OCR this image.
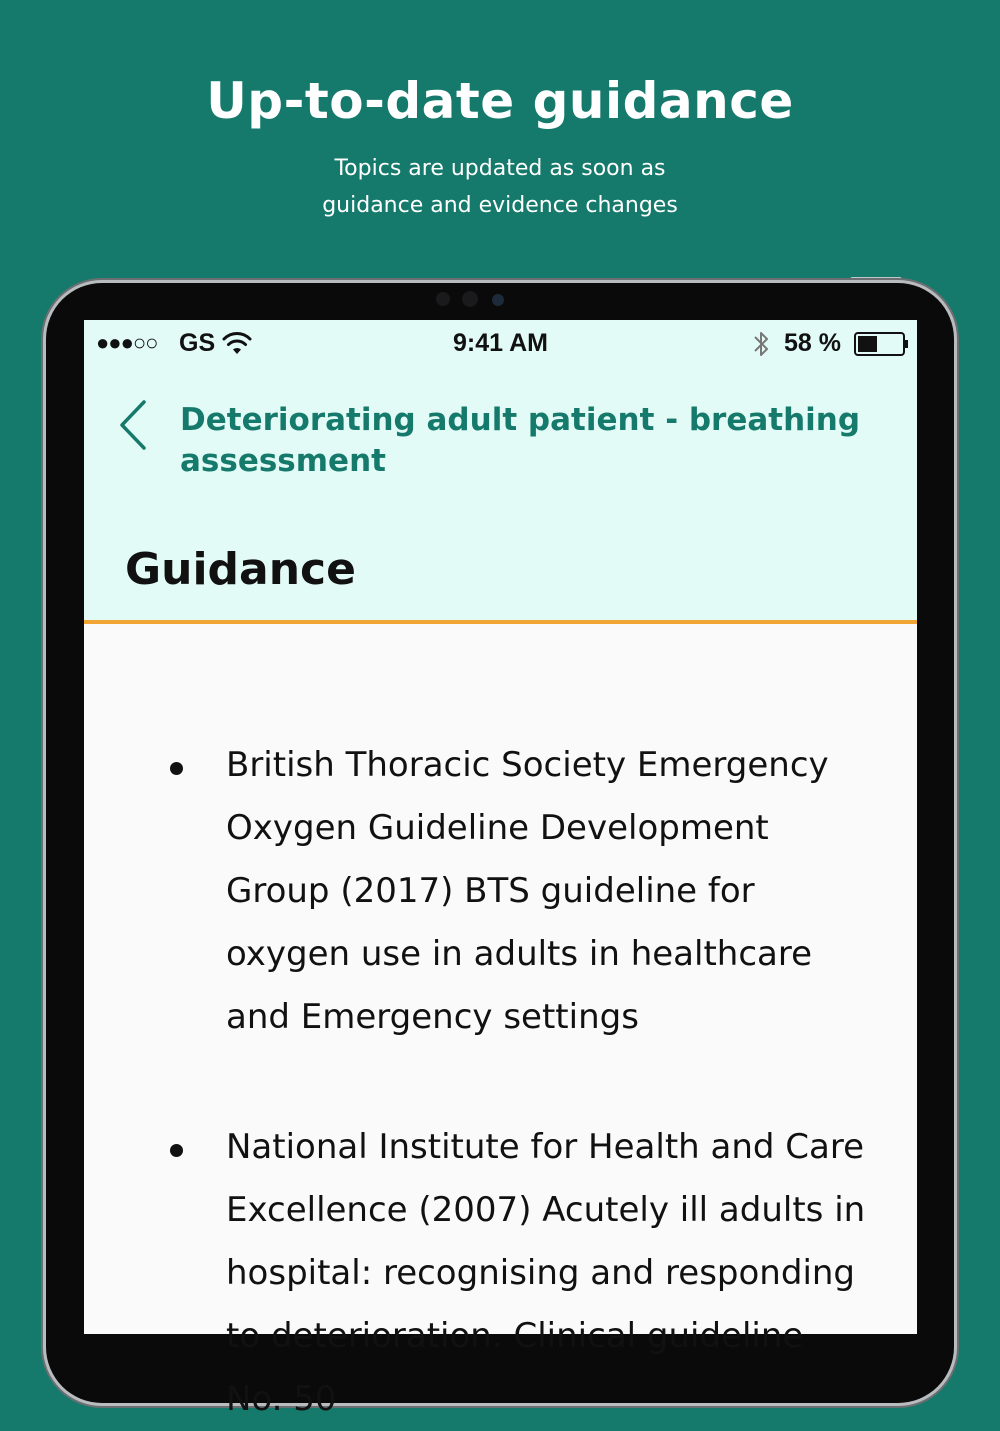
Up-to-date guidance
Topics are updated as soon as
guidance and evidence changes
●●●○○ GS	9:41 AM	58 %
Deteriorating adult patient - breathing assessment
Guidance
British Thoracic Society Emergency Oxygen Guideline Development Group (2017) BTS guideline for oxygen use in adults in healthcare and Emergency settings
National Institute for Health and Care Excellence (2007) Acutely ill adults in hospital: recognising and responding to deterioration. Clinical guideline No. 50
